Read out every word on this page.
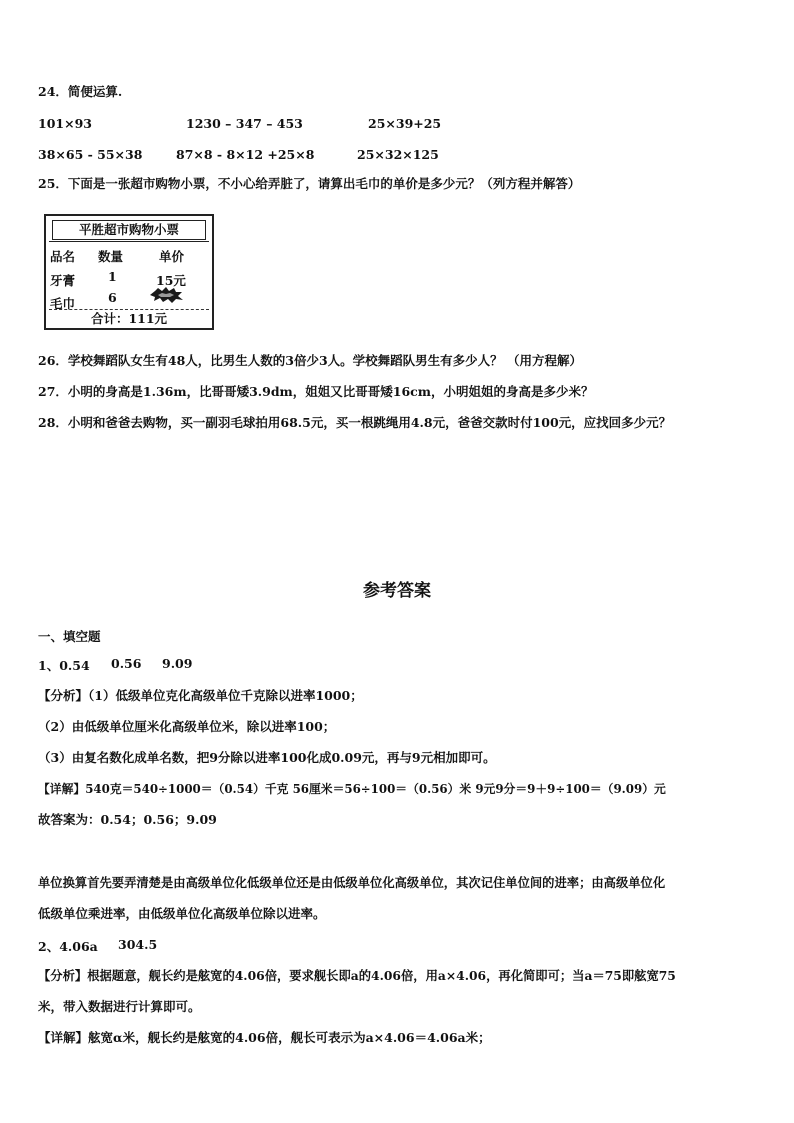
24．简便运算.
101×93	1230 – 347 – 453	25×39+25
38×65 - 55×38	87×8 - 8×12 +25×8	25×32×125
25．下面是一张超市购物小票，不小心给弄脏了，请算出毛巾的单价是多少元？（列方程并解答）
平胜超市购物小票
品名 数量	单价
牙膏	1	15元
毛巾	6
合计：111元
26．学校舞蹈队女生有48人，比男生人数的3倍少3人。学校舞蹈队男生有多少人？ （用方程解）
27．小明的身高是1.36m，比哥哥矮3.9dm，姐姐又比哥哥矮16cm，小明姐姐的身高是多少米？
28．小明和爸爸去购物，买一副羽毛球拍用68.5元，买一根跳绳用4.8元，爸爸交款时付100元，应找回多少元？
参考答案
一、填空题
1、0.54 0.56 9.09
【分析】（1）低级单位克化高级单位千克除以进率1000；
（2）由低级单位厘米化高级单位米，除以进率100；
（3）由复名数化成单名数，把9分除以进率100化成0.09元，再与9元相加即可。
【详解】540克＝540÷1000＝（0.54）千克 56厘米＝56÷100＝（0.56）米 9元9分＝9＋9÷100＝（9.09）元
故答案为：0.54；0.56；9.09
单位换算首先要弄清楚是由高级单位化低级单位还是由低级单位化高级单位，其次记住单位间的进率；由高级单位化
低级单位乘进率，由低级单位化高级单位除以进率。
2、4.06a 304.5
【分析】根据题意，舰长约是舷宽的4.06倍，要求舰长即a的4.06倍，用a×4.06，再化简即可；当a＝75即舷宽75
米，带入数据进行计算即可。
【详解】舷宽α米，舰长约是舷宽的4.06倍，舰长可表示为a×4.06＝4.06a米；
